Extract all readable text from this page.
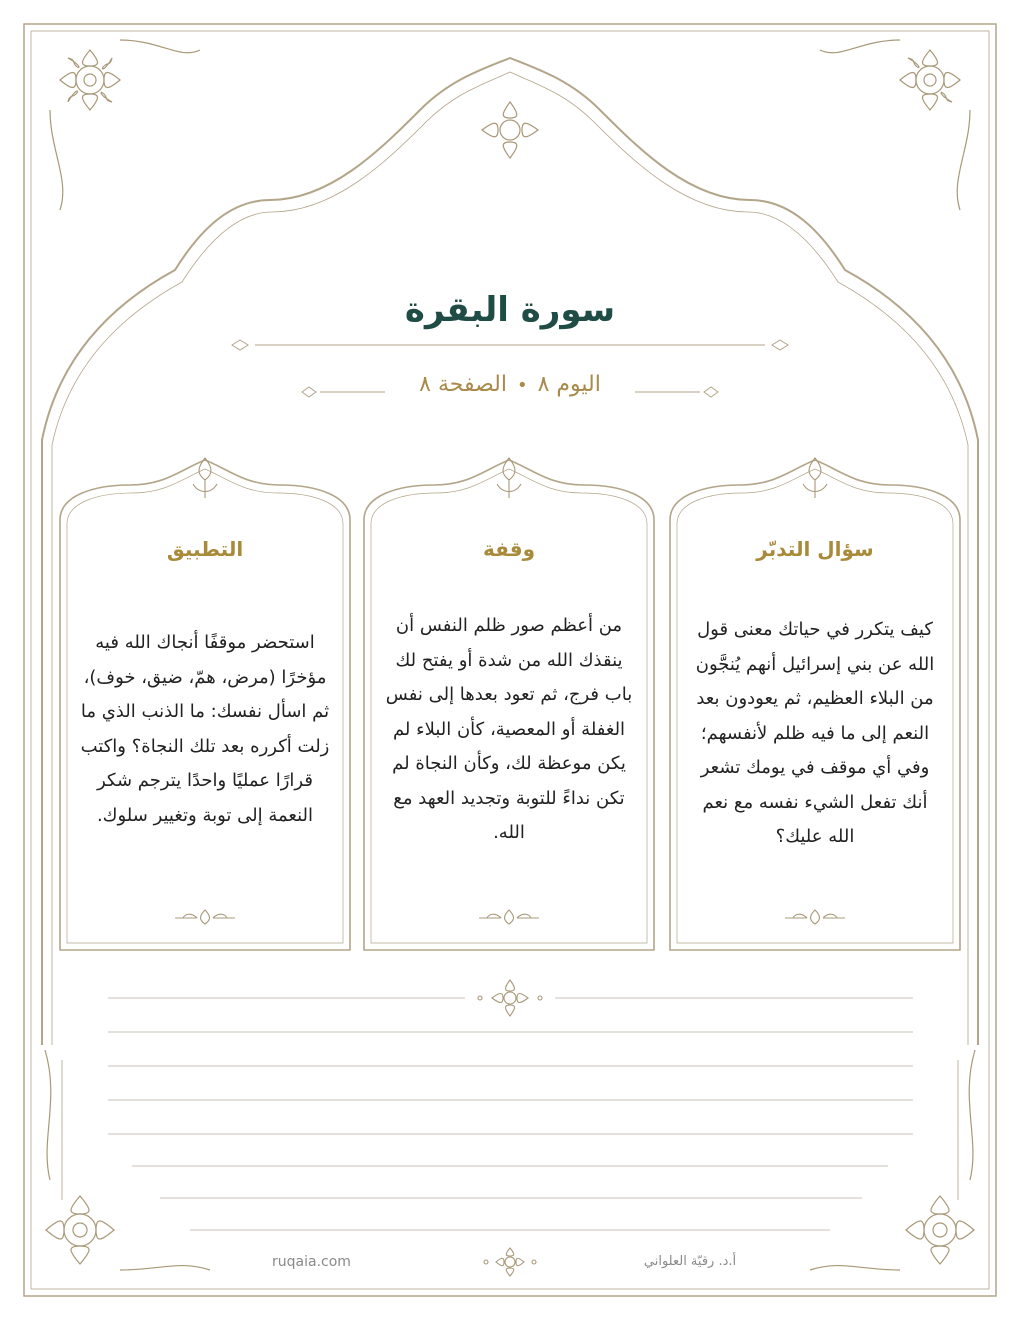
سورة البقرة
اليوم ٨•الصفحة ٨
سؤال التدبّر
كيف يتكرر في حياتك معنى قول الله عن بني إسرائيل أنهم يُنجَّون من البلاء العظيم، ثم يعودون بعد النعم إلى ما فيه ظلم لأنفسهم؛ وفي أي موقف في يومك تشعر أنك تفعل الشيء نفسه مع نعم الله عليك؟
وقفة
من أعظم صور ظلم النفس أن ينقذك الله من شدة أو يفتح لك باب فرج، ثم تعود بعدها إلى نفس الغفلة أو المعصية، كأن البلاء لم يكن موعظة لك، وكأن النجاة لم تكن نداءً للتوبة وتجديد العهد مع الله.
التطبيق
استحضر موقفًا أنجاك الله فيه مؤخرًا (مرض، همّ، ضيق، خوف)، ثم اسأل نفسك: ما الذنب الذي ما زلت أكرره بعد تلك النجاة؟ واكتب قرارًا عمليًا واحدًا يترجم شكر النعمة إلى توبة وتغيير سلوك.
ruqaia.com	أ.د. رقيّة العلواني
